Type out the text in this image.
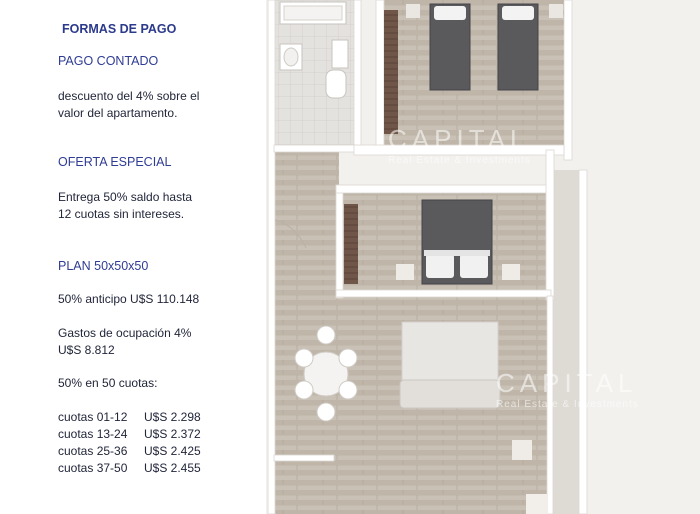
FORMAS DE PAGO
PAGO CONTADO
descuento del 4% sobre el
valor del apartamento.
OFERTA ESPECIAL
Entrega 50% saldo hasta
12 cuotas sin intereses.
PLAN 50x50x50
50% anticipo U$S 110.148
Gastos de ocupación 4%
U$S 8.812
50% en 50 cuotas:
cuotas 01-12 U$S 2.298
cuotas 13-24 U$S 2.372
cuotas 25-36 U$S 2.425
cuotas 37-50 U$S 2.455
CAPITAL
Real Estate & Investments
CAPITAL
Real Estate & Investments
